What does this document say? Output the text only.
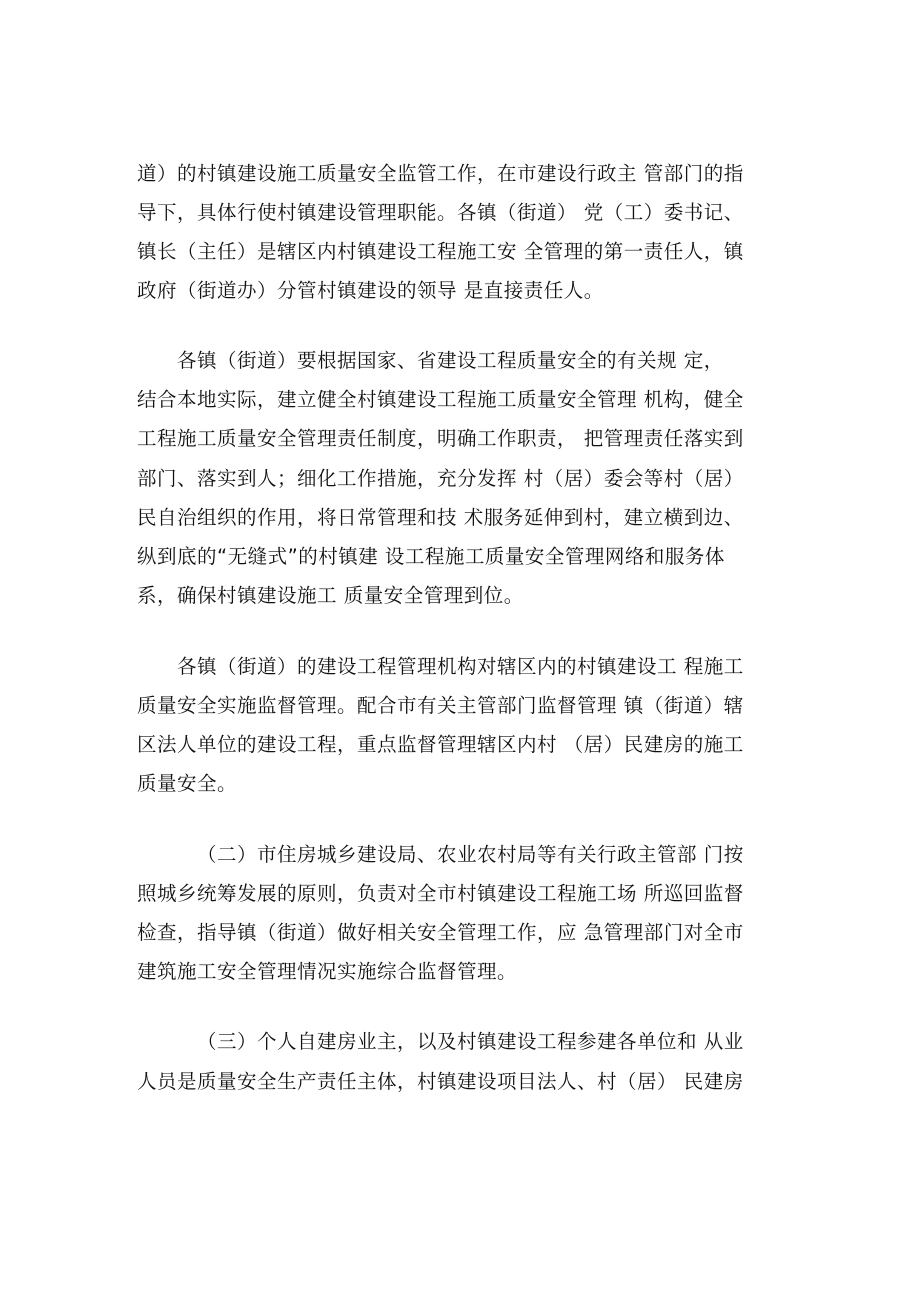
道）的村镇建设施工质量安全监管工作，在市建设行政主 管部门的指
导下，具体行使村镇建设管理职能。各镇（街道） 党（工）委书记、
镇长（主任）是辖区内村镇建设工程施工安 全管理的第一责任人，镇
政府（街道办）分管村镇建设的领导 是直接责任人。
各镇（街道）要根据国家、省建设工程质量安全的有关规 定，
结合本地实际，建立健全村镇建设工程施工质量安全管理 机构，健全
工程施工质量安全管理责任制度，明确工作职责， 把管理责任落实到
部门、落实到人；细化工作措施，充分发挥 村（居）委会等村（居）
民自治组织的作用，将日常管理和技 术服务延伸到村，建立横到边、
纵到底的“无缝式”的村镇建 设工程施工质量安全管理网络和服务体
系，确保村镇建设施工 质量安全管理到位。
各镇（街道）的建设工程管理机构对辖区内的村镇建设工 程施工
质量安全实施监督管理。配合市有关主管部门监督管理 镇（街道）辖
区法人单位的建设工程，重点监督管理辖区内村 （居）民建房的施工
质量安全。
（二）市住房城乡建设局、农业农村局等有关行政主管部 门按
照城乡统筹发展的原则，负责对全市村镇建设工程施工场 所巡回监督
检查，指导镇（街道）做好相关安全管理工作，应 急管理部门对全市
建筑施工安全管理情况实施综合监督管理。
（三）个人自建房业主，以及村镇建设工程参建各单位和 从业
人员是质量安全生产责任主体，村镇建设项目法人、村（居） 民建房
